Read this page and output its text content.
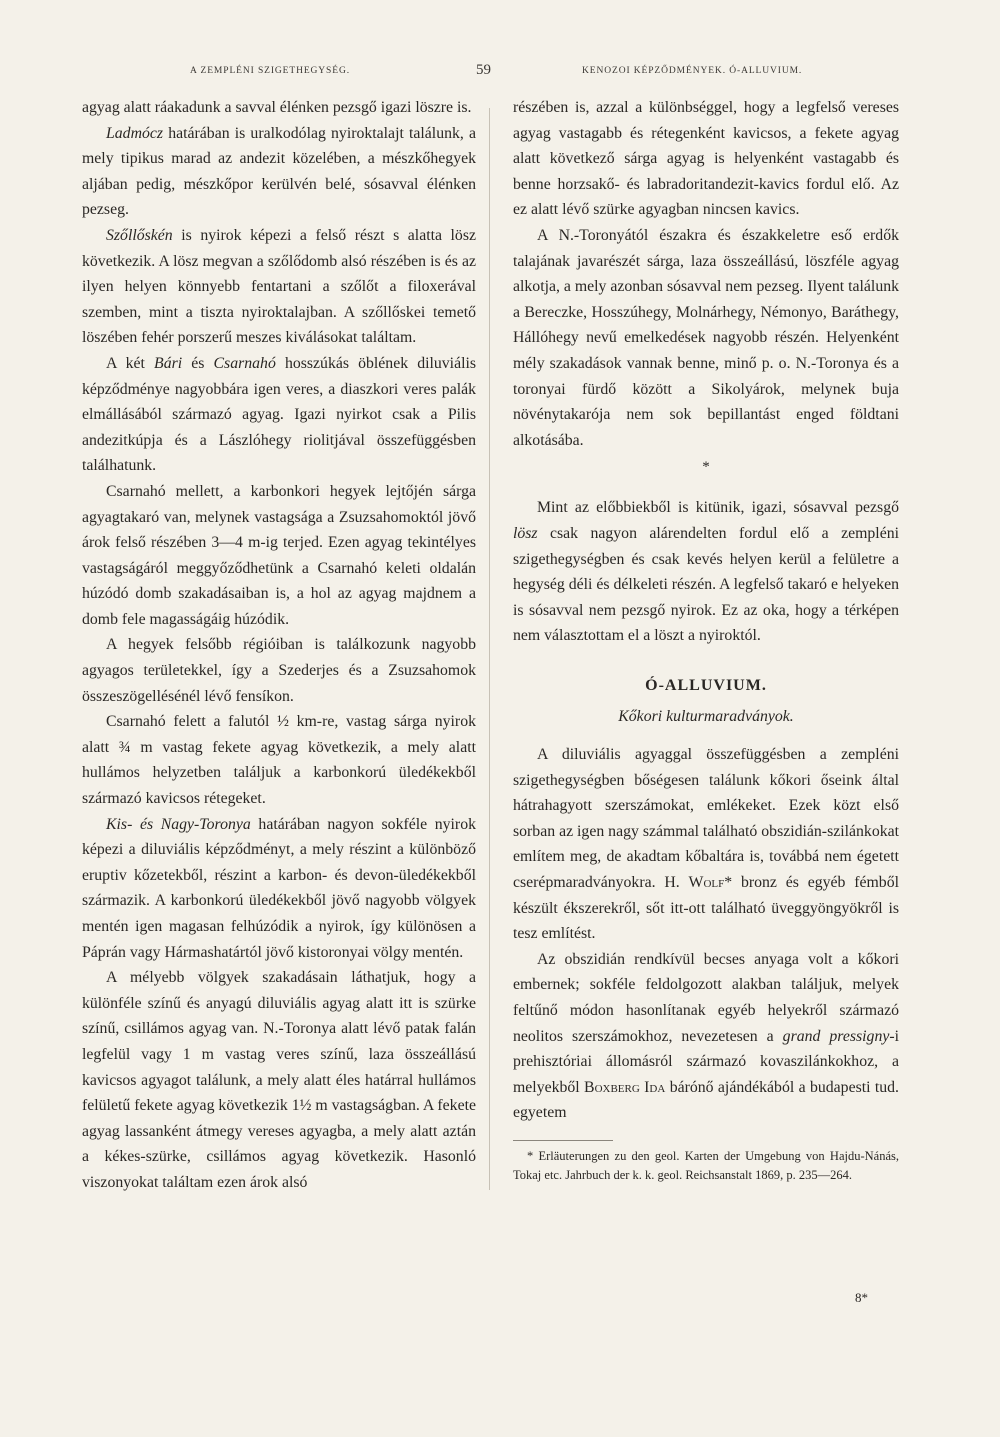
A ZEMPLÉNI SZIGETHEGYSÉG.	59	KENOZOI KÉPZŐDMÉNYEK. Ó-ALLUVIUM.

agyag alatt ráakadunk a savval élénken pezsgő igazi löszre is.

Ladmócz határában is uralkodólag nyiroktalajt találunk, a mely tipikus marad az andezit közelében, a mészkőhegyek aljában pedig, mészkőpor kerülvén belé, sósavval élénken pezseg.

Szőllőskén is nyirok képezi a felső részt s alatta lösz következik. A lösz megvan a szőlődomb alsó részében is és az ilyen helyen könnyebb fentartani a szőlőt a filoxerával szemben, mint a tiszta nyiroktalajban. A szőllőskei temető löszében fehér porszerű meszes kiválásokat találtam.

A két Bári és Csarnahó hosszúkás öblének diluviális képződménye nagyobbára igen veres, a diaszkori veres palák elmállásából származó agyag. Igazi nyirkot csak a Pilis andezitkúpja és a Lászlóhegy riolitjával összefüggésben találhatunk.

Csarnahó mellett, a karbonkori hegyek lejtőjén sárga agyagtakaró van, melynek vastagsága a Zsuzsahomoktól jövő árok felső részében 3—4 m-ig terjed. Ezen agyag tekintélyes vastagságáról meggyőződhetünk a Csarnahó keleti oldalán húzódó domb szakadásaiban is, a hol az agyag majdnem a domb fele magasságáig húzódik.

A hegyek felsőbb régióiban is találkozunk nagyobb agyagos területekkel, így a Szederjes és a Zsuzsahomok összeszögellésénél lévő fensíkon.

Csarnahó felett a falutól ½ km-re, vastag sárga nyirok alatt ¾ m vastag fekete agyag következik, a mely alatt hullámos helyzetben találjuk a karbonkorú üledékekből származó kavicsos rétegeket.

Kis- és Nagy-Toronya határában nagyon sokféle nyirok képezi a diluviális képződményt, a mely részint a különböző eruptiv kőzetekből, részint a karbon- és devon-üledékekből származik. A karbonkorú üledékekből jövő nagyobb völgyek mentén igen magasan felhúzódik a nyirok, így különösen a Páprán vagy Hármashatártól jövő kistoronyai völgy mentén.

A mélyebb völgyek szakadásain láthatjuk, hogy a különféle színű és anyagú diluviális agyag alatt itt is szürke színű, csillámos agyag van. N.-Toronya alatt lévő patak falán legfelül vagy 1 m vastag veres színű, laza összeállású kavicsos agyagot találunk, a mely alatt éles határral hullámos felületű fekete agyag következik 1½ m vastagságban. A fekete agyag lassanként átmegy vereses agyagba, a mely alatt aztán a kékes-szürke, csillámos agyag következik. Hasonló viszonyokat találtam ezen árok alsó

részében is, azzal a különbséggel, hogy a legfelső vereses agyag vastagabb és rétegenként kavicsos, a fekete agyag alatt következő sárga agyag is helyenként vastagabb és benne horzsakő- és labradoritandezit-kavics fordul elő. Az ez alatt lévő szürke agyagban nincsen kavics.

A N.-Toronyától északra és északkeletre eső erdők talajának javarészét sárga, laza összeállású, löszféle agyag alkotja, a mely azonban sósavval nem pezseg. Ilyent találunk a Bereczke, Hosszúhegy, Molnárhegy, Némonyo, Baráthegy, Hállóhegy nevű emelkedések nagyobb részén. Helyenként mély szakadások vannak benne, minő p. o. N.-Toronya és a toronyai fürdő között a Sikolyárok, melynek buja növénytakarója nem sok bepillantást enged földtani alkotásába.

*

Mint az előbbiekből is kitünik, igazi, sósavval pezsgő lösz csak nagyon alárendelten fordul elő a zempléni szigethegységben és csak kevés helyen kerül a felületre a hegység déli és délkeleti részén. A legfelső takaró e helyeken is sósavval nem pezsgő nyirok. Ez az oka, hogy a térképen nem választottam el a löszt a nyiroktól.

Ó-ALLUVIUM.
Kőkori kulturmaradványok.

A diluviális agyaggal összefüggésben a zempléni szigethegységben bőségesen találunk kőkori őseink által hátrahagyott szerszámokat, emlékeket. Ezek közt első sorban az igen nagy számmal található obszidián-szilánkokat említem meg, de akadtam kőbaltára is, továbbá nem égetett cserépmaradványokra. H. Wolf* bronz és egyéb fémből készült ékszerekről, sőt itt-ott található üveggyöngyökről is tesz említést.

Az obszidián rendkívül becses anyaga volt a kőkori embernek; sokféle feldolgozott alakban találjuk, melyek feltűnő módon hasonlítanak egyéb helyekről származó neolitos szerszámokhoz, nevezetesen a grand pressigny-i prehisztóriai állomásról származó kovaszilánkokhoz, a melyekből Boxberg Ida bárónő ajándékából a budapesti tud. egyetem

* Erläuterungen zu den geol. Karten der Umgebung von Hajdu-Nánás, Tokaj etc. Jahrbuch der k. k. geol. Reichsanstalt 1869, p. 235—264.

8*
